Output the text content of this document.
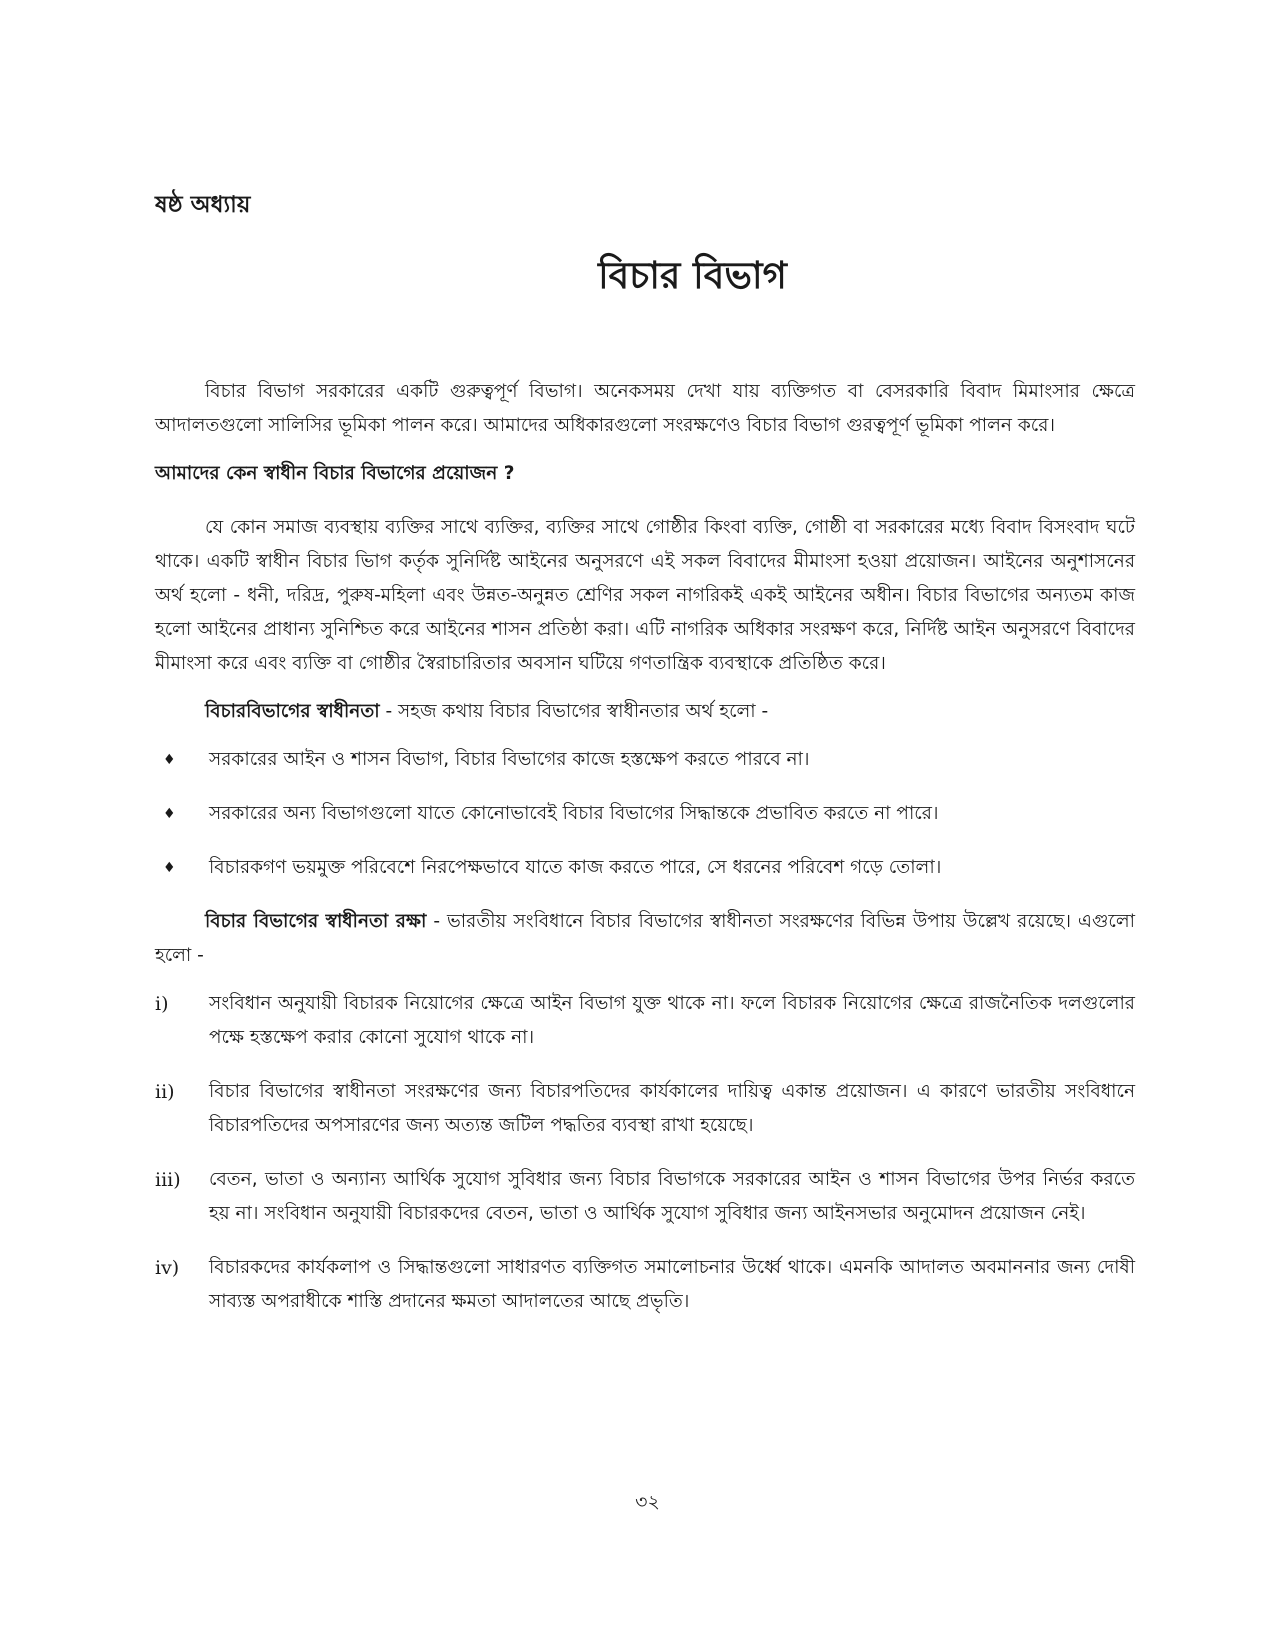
ষষ্ঠ অধ্যায়
বিচার বিভাগ

বিচার বিভাগ সরকারের একটি গুরুত্বপূর্ণ বিভাগ। অনেকসময় দেখা যায় ব্যক্তিগত বা বেসরকারি বিবাদ মিমাংসার ক্ষেত্রে আদালতগুলো সালিসির ভূমিকা পালন করে। আমাদের অধিকারগুলো সংরক্ষণেও বিচার বিভাগ গুরত্বপূর্ণ ভূমিকা পালন করে।

আমাদের কেন স্বাধীন বিচার বিভাগের প্রয়োজন ?

যে কোন সমাজ ব্যবস্থায় ব্যক্তির সাথে ব্যক্তির, ব্যক্তির সাথে গোষ্ঠীর কিংবা ব্যক্তি, গোষ্ঠী বা সরকারের মধ্যে বিবাদ বিসংবাদ ঘটে থাকে। একটি স্বাধীন বিচার ভিাগ কর্তৃক সুনির্দিষ্ট আইনের অনুসরণে এই সকল বিবাদের মীমাংসা হওয়া প্রয়োজন। আইনের অনুশাসনের অর্থ হলো - ধনী, দরিদ্র, পুরুষ-মহিলা এবং উন্নত-অনুন্নত শ্রেণির সকল নাগরিকই একই আইনের অধীন। বিচার বিভাগের অন্যতম কাজ হলো আইনের প্রাধান্য সুনিশ্চিত করে আইনের শাসন প্রতিষ্ঠা করা। এটি নাগরিক অধিকার সংরক্ষণ করে, নির্দিষ্ট আইন অনুসরণে বিবাদের মীমাংসা করে এবং ব্যক্তি বা গোষ্ঠীর স্বৈরাচারিতার অবসান ঘটিয়ে গণতান্ত্রিক ব্যবস্থাকে প্রতিষ্ঠিত করে।

বিচারবিভাগের স্বাধীনতা - সহজ কথায় বিচার বিভাগের স্বাধীনতার অর্থ হলো -

♦	সরকারের আইন ও শাসন বিভাগ, বিচার বিভাগের কাজে হস্তক্ষেপ করতে পারবে না।
♦	সরকারের অন্য বিভাগগুলো যাতে কোনোভাবেই বিচার বিভাগের সিদ্ধান্তকে প্রভাবিত করতে না পারে।
♦	বিচারকগণ ভয়মুক্ত পরিবেশে নিরপেক্ষভাবে যাতে কাজ করতে পারে, সে ধরনের পরিবেশ গড়ে তোলা।

বিচার বিভাগের স্বাধীনতা রক্ষা - ভারতীয় সংবিধানে বিচার বিভাগের স্বাধীনতা সংরক্ষণের বিভিন্ন উপায় উল্লেখ রয়েছে। এগুলো হলো -

i)	সংবিধান অনুযায়ী বিচারক নিয়োগের ক্ষেত্রে আইন বিভাগ যুক্ত থাকে না। ফলে বিচারক নিয়োগের ক্ষেত্রে রাজনৈতিক দলগুলোর পক্ষে হস্তক্ষেপ করার কোনো সুযোগ থাকে না।
ii)	বিচার বিভাগের স্বাধীনতা সংরক্ষণের জন্য বিচারপতিদের কার্যকালের দায়িত্ব একান্ত প্রয়োজন। এ কারণে ভারতীয় সংবিধানে বিচারপতিদের অপসারণের জন্য অত্যন্ত জটিল পদ্ধতির ব্যবস্থা রাখা হয়েছে।
iii)	বেতন, ভাতা ও অন্যান্য আর্থিক সুযোগ সুবিধার জন্য বিচার বিভাগকে সরকারের আইন ও শাসন বিভাগের উপর নির্ভর করতে হয় না। সংবিধান অনুযায়ী বিচারকদের বেতন, ভাতা ও আর্থিক সুযোগ সুবিধার জন্য আইনসভার অনুমোদন প্রয়োজন নেই।
iv)	বিচারকদের কার্যকলাপ ও সিদ্ধান্তগুলো সাধারণত ব্যক্তিগত সমালোচনার উর্ধ্বে থাকে। এমনকি আদালত অবমাননার জন্য দোষী সাব্যস্ত অপরাধীকে শাস্তি প্রদানের ক্ষমতা আদালতের আছে প্রভৃতি।
৩২
